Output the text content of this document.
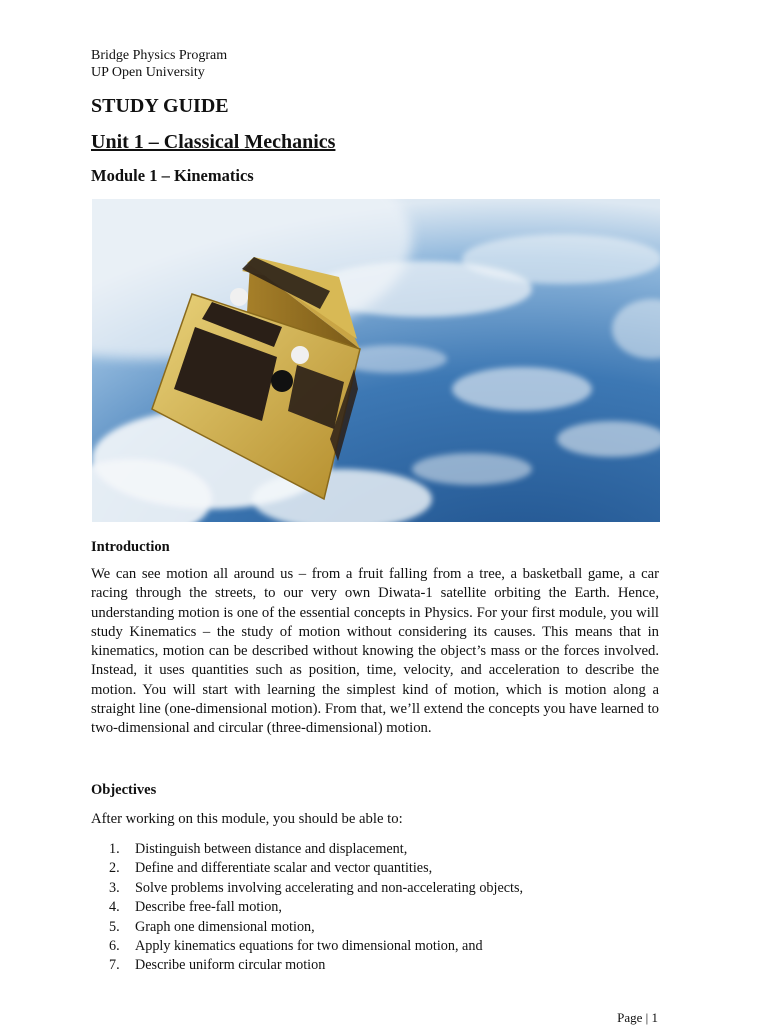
Bridge Physics Program
UP Open University
STUDY GUIDE
Unit 1 – Classical Mechanics
Module 1 – Kinematics
Introduction

We can see motion all around us – from a fruit falling from a tree, a basketball game, a car racing through the streets, to our very own Diwata-1 satellite orbiting the Earth. Hence, understanding motion is one of the essential concepts in Physics. For your first module, you will study Kinematics – the study of motion without considering its causes. This means that in kinematics, motion can be described without knowing the object’s mass or the forces involved. Instead, it uses quantities such as position, time, velocity, and acceleration to describe the motion. You will start with learning the simplest kind of motion, which is motion along a straight line (one-dimensional motion). From that, we’ll extend the concepts you have learned to two-dimensional and circular (three-dimensional) motion.

Objectives

After working on this module, you should be able to:

1.	Distinguish between distance and displacement,
2.	Define and differentiate scalar and vector quantities,
3.	Solve problems involving accelerating and non-accelerating objects,
4.	Describe free-fall motion,
5.	Graph one dimensional motion,
6.	Apply kinematics equations for two dimensional motion, and
7.	Describe uniform circular motion
Page | 1
